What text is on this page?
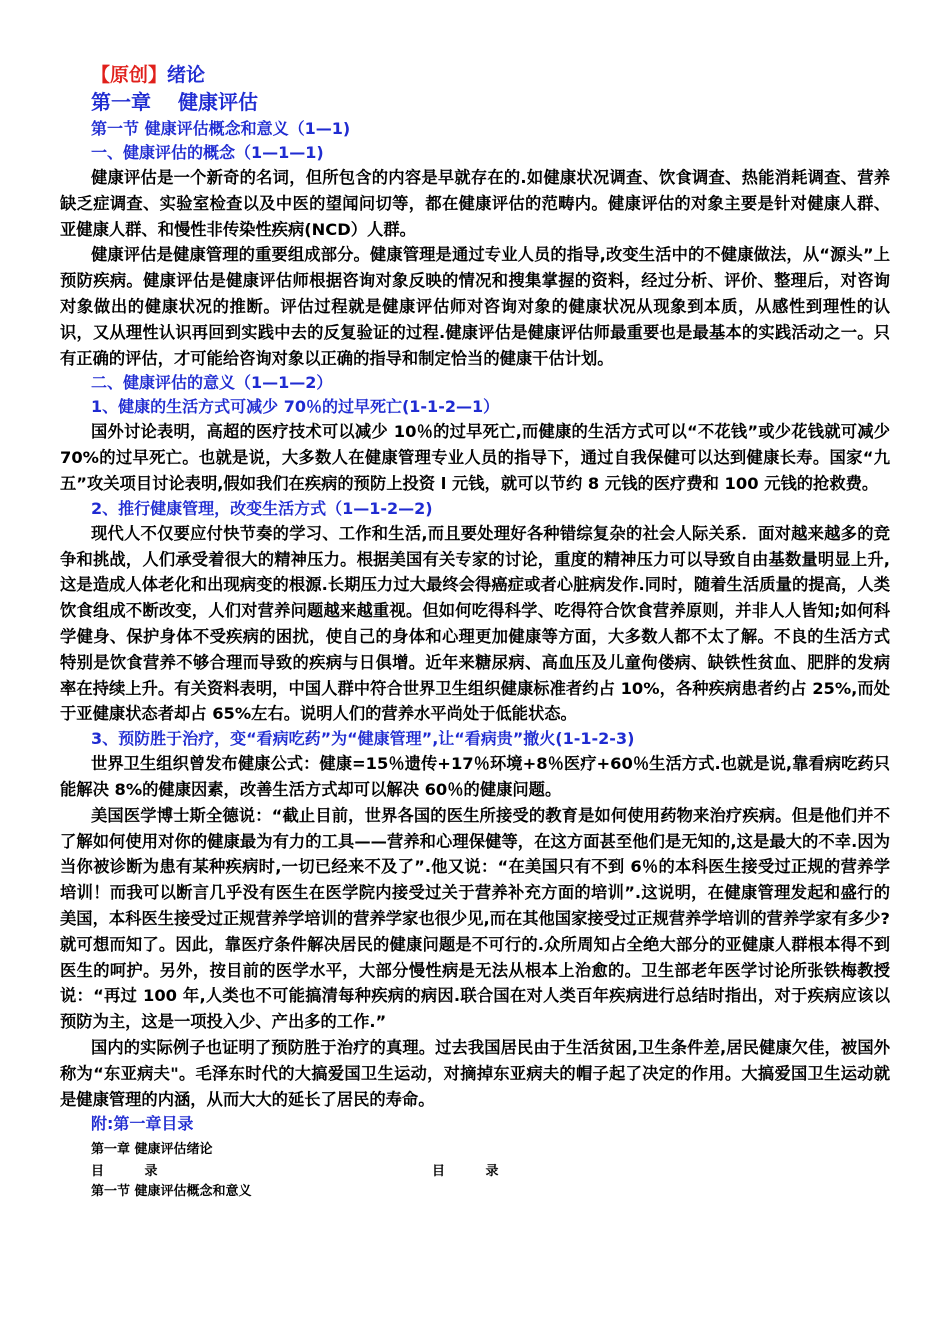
【原创】绪论
第一章　 健康评估
第一节 健康评估概念和意义（1—1)
一、健康评估的概念（1—1—1)

健康评估是一个新奇的名词，但所包含的内容是早就存在的.如健康状况调查、饮食调查、热能消耗调查、营养缺乏症调查、实验室检查以及中医的望闻问切等，都在健康评估的范畴内。健康评估的对象主要是针对健康人群、亚健康人群、和慢性非传染性疾病(NCD）人群。

健康评估是健康管理的重要组成部分。健康管理是通过专业人员的指导,改变生活中的不健康做法，从“源头”上预防疾病。健康评估是健康评估师根据咨询对象反映的情况和搜集掌握的资料，经过分析、评价、整理后，对咨询对象做出的健康状况的推断。评估过程就是健康评估师对咨询对象的健康状况从现象到本质，从感性到理性的认识，又从理性认识再回到实践中去的反复验证的过程.健康评估是健康评估师最重要也是最基本的实践活动之一。只有正确的评估，才可能给咨询对象以正确的指导和制定恰当的健康干估计划。

二、健康评估的意义（1—1—2）
1、健康的生活方式可减少 70％的过早死亡(1-1-2—1）

国外讨论表明，高超的医疗技术可以减少 10％的过早死亡,而健康的生活方式可以“不花钱”或少花钱就可减少 70%的过早死亡。也就是说，大多数人在健康管理专业人员的指导下，通过自我保健可以达到健康长寿。国家“九五”攻关项目讨论表明,假如我们在疾病的预防上投资 l 元钱，就可以节约 8 元钱的医疗费和 100 元钱的抢救费。

2、推行健康管理，改变生活方式（1—1-2—2)

现代人不仅要应付快节奏的学习、工作和生活,而且要处理好各种错综复杂的社会人际关系．面对越来越多的竞争和挑战，人们承受着很大的精神压力。根据美国有关专家的讨论，重度的精神压力可以导致自由基数量明显上升,这是造成人体老化和出现病变的根源.长期压力过大最终会得癌症或者心脏病发作.同时，随着生活质量的提高，人类饮食组成不断改变，人们对营养问题越来越重视。但如何吃得科学、吃得符合饮食营养原则，并非人人皆知;如何科学健身、保护身体不受疾病的困扰，使自己的身体和心理更加健康等方面，大多数人都不太了解。不良的生活方式特别是饮食营养不够合理而导致的疾病与日俱增。近年来糖尿病、高血压及儿童佝偻病、缺铁性贫血、肥胖的发病率在持续上升。有关资料表明，中国人群中符合世界卫生组织健康标准者约占 10%，各种疾病患者约占 25%,而处于亚健康状态者却占 65%左右。说明人们的营养水平尚处于低能状态。

3、预防胜于治疗，变“看病吃药”为“健康管理”,让“看病贵”撤火(1-1-2-3)

世界卫生组织曾发布健康公式：健康=15％遗传+17％环境+8％医疗+60％生活方式.也就是说,靠看病吃药只能解决 8%的健康因素，改善生活方式却可以解决 60％的健康问题。

美国医学博士斯全德说：“截止目前，世界各国的医生所接受的教育是如何使用药物来治疗疾病。但是他们并不了解如何使用对你的健康最为有力的工具——营养和心理保健等，在这方面甚至他们是无知的,这是最大的不幸.因为当你被诊断为患有某种疾病时,一切已经来不及了”.他又说：“在美国只有不到 6％的本科医生接受过正规的营养学培训！而我可以断言几乎没有医生在医学院内接受过关于营养补充方面的培训”.这说明，在健康管理发起和盛行的美国，本科医生接受过正规营养学培训的营养学家也很少见,而在其他国家接受过正规营养学培训的营养学家有多少?就可想而知了。因此，靠医疗条件解决居民的健康问题是不可行的.众所周知占全绝大部分的亚健康人群根本得不到医生的呵护。另外，按目前的医学水平，大部分慢性病是无法从根本上治愈的。卫生部老年医学讨论所张铁梅教授说：“再过 100 年,人类也不可能搞清每种疾病的病因.联合国在对人类百年疾病进行总结时指出，对于疾病应该以预防为主，这是一项投入少、产出多的工作.”

国内的实际例子也证明了预防胜于治疗的真理。过去我国居民由于生活贫困,卫生条件差,居民健康欠佳，被国外称为“东亚病夫"。毛泽东时代的大搞爱国卫生运动，对摘掉东亚病夫的帽子起了决定的作用。大搞爱国卫生运动就是健康管理的内涵，从而大大的延长了居民的寿命。

附:第一章目录
第一章 健康评估绪论
目 录	目 录
第一节 健康评估概念和意义
